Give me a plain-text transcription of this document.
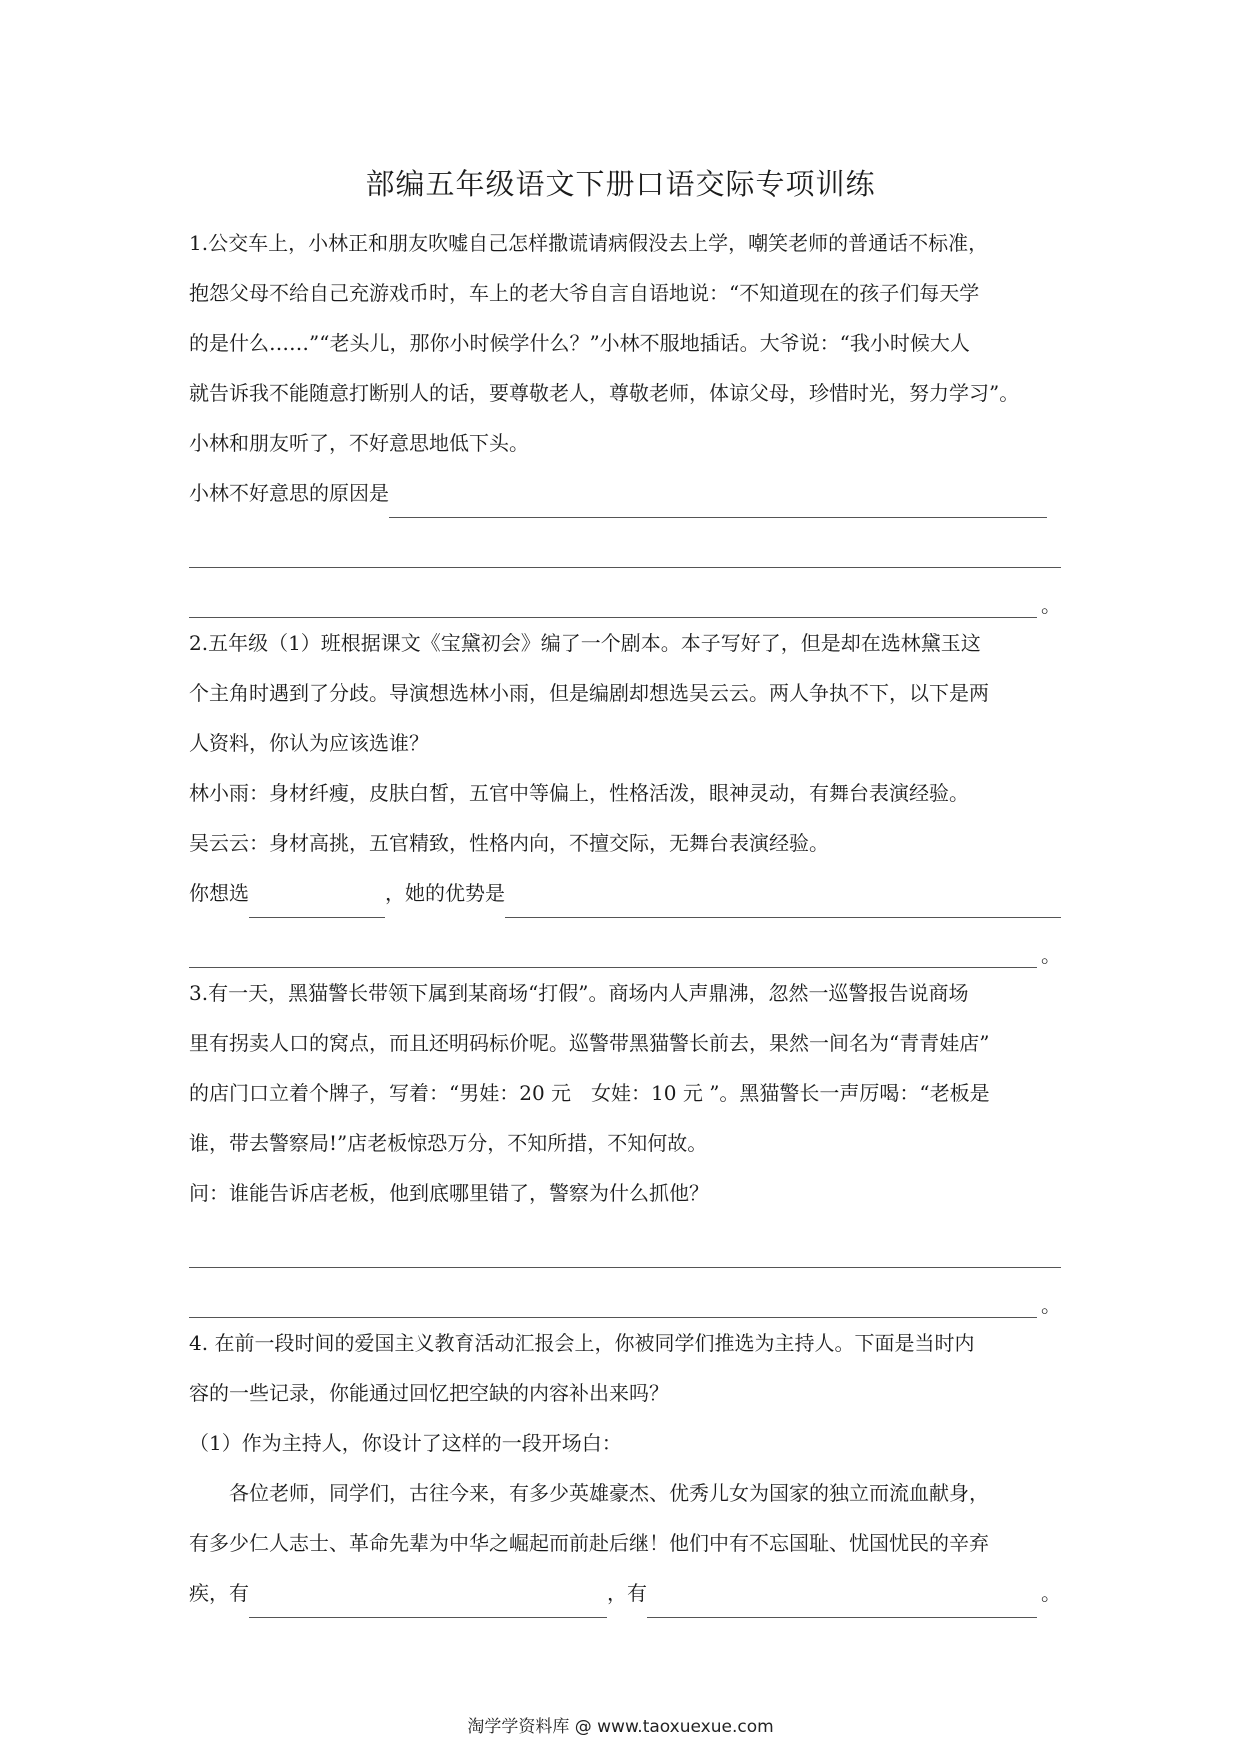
部编五年级语文下册口语交际专项训练

1.公交车上，小林正和朋友吹嘘自己怎样撒谎请病假没去上学，嘲笑老师的普通话不标准，

抱怨父母不给自己充游戏币时，车上的老大爷自言自语地说：“不知道现在的孩子们每天学

的是什么……”“老头儿，那你小时候学什么？”小林不服地插话。大爷说：“我小时候大人

就告诉我不能随意打断别人的话，要尊敬老人，尊敬老师，体谅父母，珍惜时光，努力学习”。

小林和朋友听了，不好意思地低下头。

小林不好意思的原因是
。

2.五年级（1）班根据课文《宝黛初会》编了一个剧本。本子写好了，但是却在选林黛玉这

个主角时遇到了分歧。导演想选林小雨，但是编剧却想选吴云云。两人争执不下，以下是两

人资料，你认为应该选谁？

林小雨：身材纤瘦，皮肤白皙，五官中等偏上，性格活泼，眼神灵动，有舞台表演经验。

吴云云：身材高挑，五官精致，性格内向，不擅交际，无舞台表演经验。

你想选	，她的优势是
。

3.有一天，黑猫警长带领下属到某商场“打假”。商场内人声鼎沸，忽然一巡警报告说商场

里有拐卖人口的窝点，而且还明码标价呢。巡警带黑猫警长前去，果然一间名为“青青娃店”

的店门口立着个牌子，写着：“男娃：20 元　女娃：10 元 ”。黑猫警长一声厉喝：“老板是

谁，带去警察局!”店老板惊恐万分，不知所措，不知何故。

问：谁能告诉店老板，他到底哪里错了，警察为什么抓他？

。

4. 在前一段时间的爱国主义教育活动汇报会上，你被同学们推选为主持人。下面是当时内

容的一些记录，你能通过回忆把空缺的内容补出来吗？

（1）作为主持人，你设计了这样的一段开场白：

各位老师，同学们，古往今来，有多少英雄豪杰、优秀儿女为国家的独立而流血献身，

有多少仁人志士、革命先辈为中华之崛起而前赴后继！他们中有不忘国耻、忧国忧民的辛弃

疾，有	，有	。
淘学学资料库 @ www.taoxuexue.com
